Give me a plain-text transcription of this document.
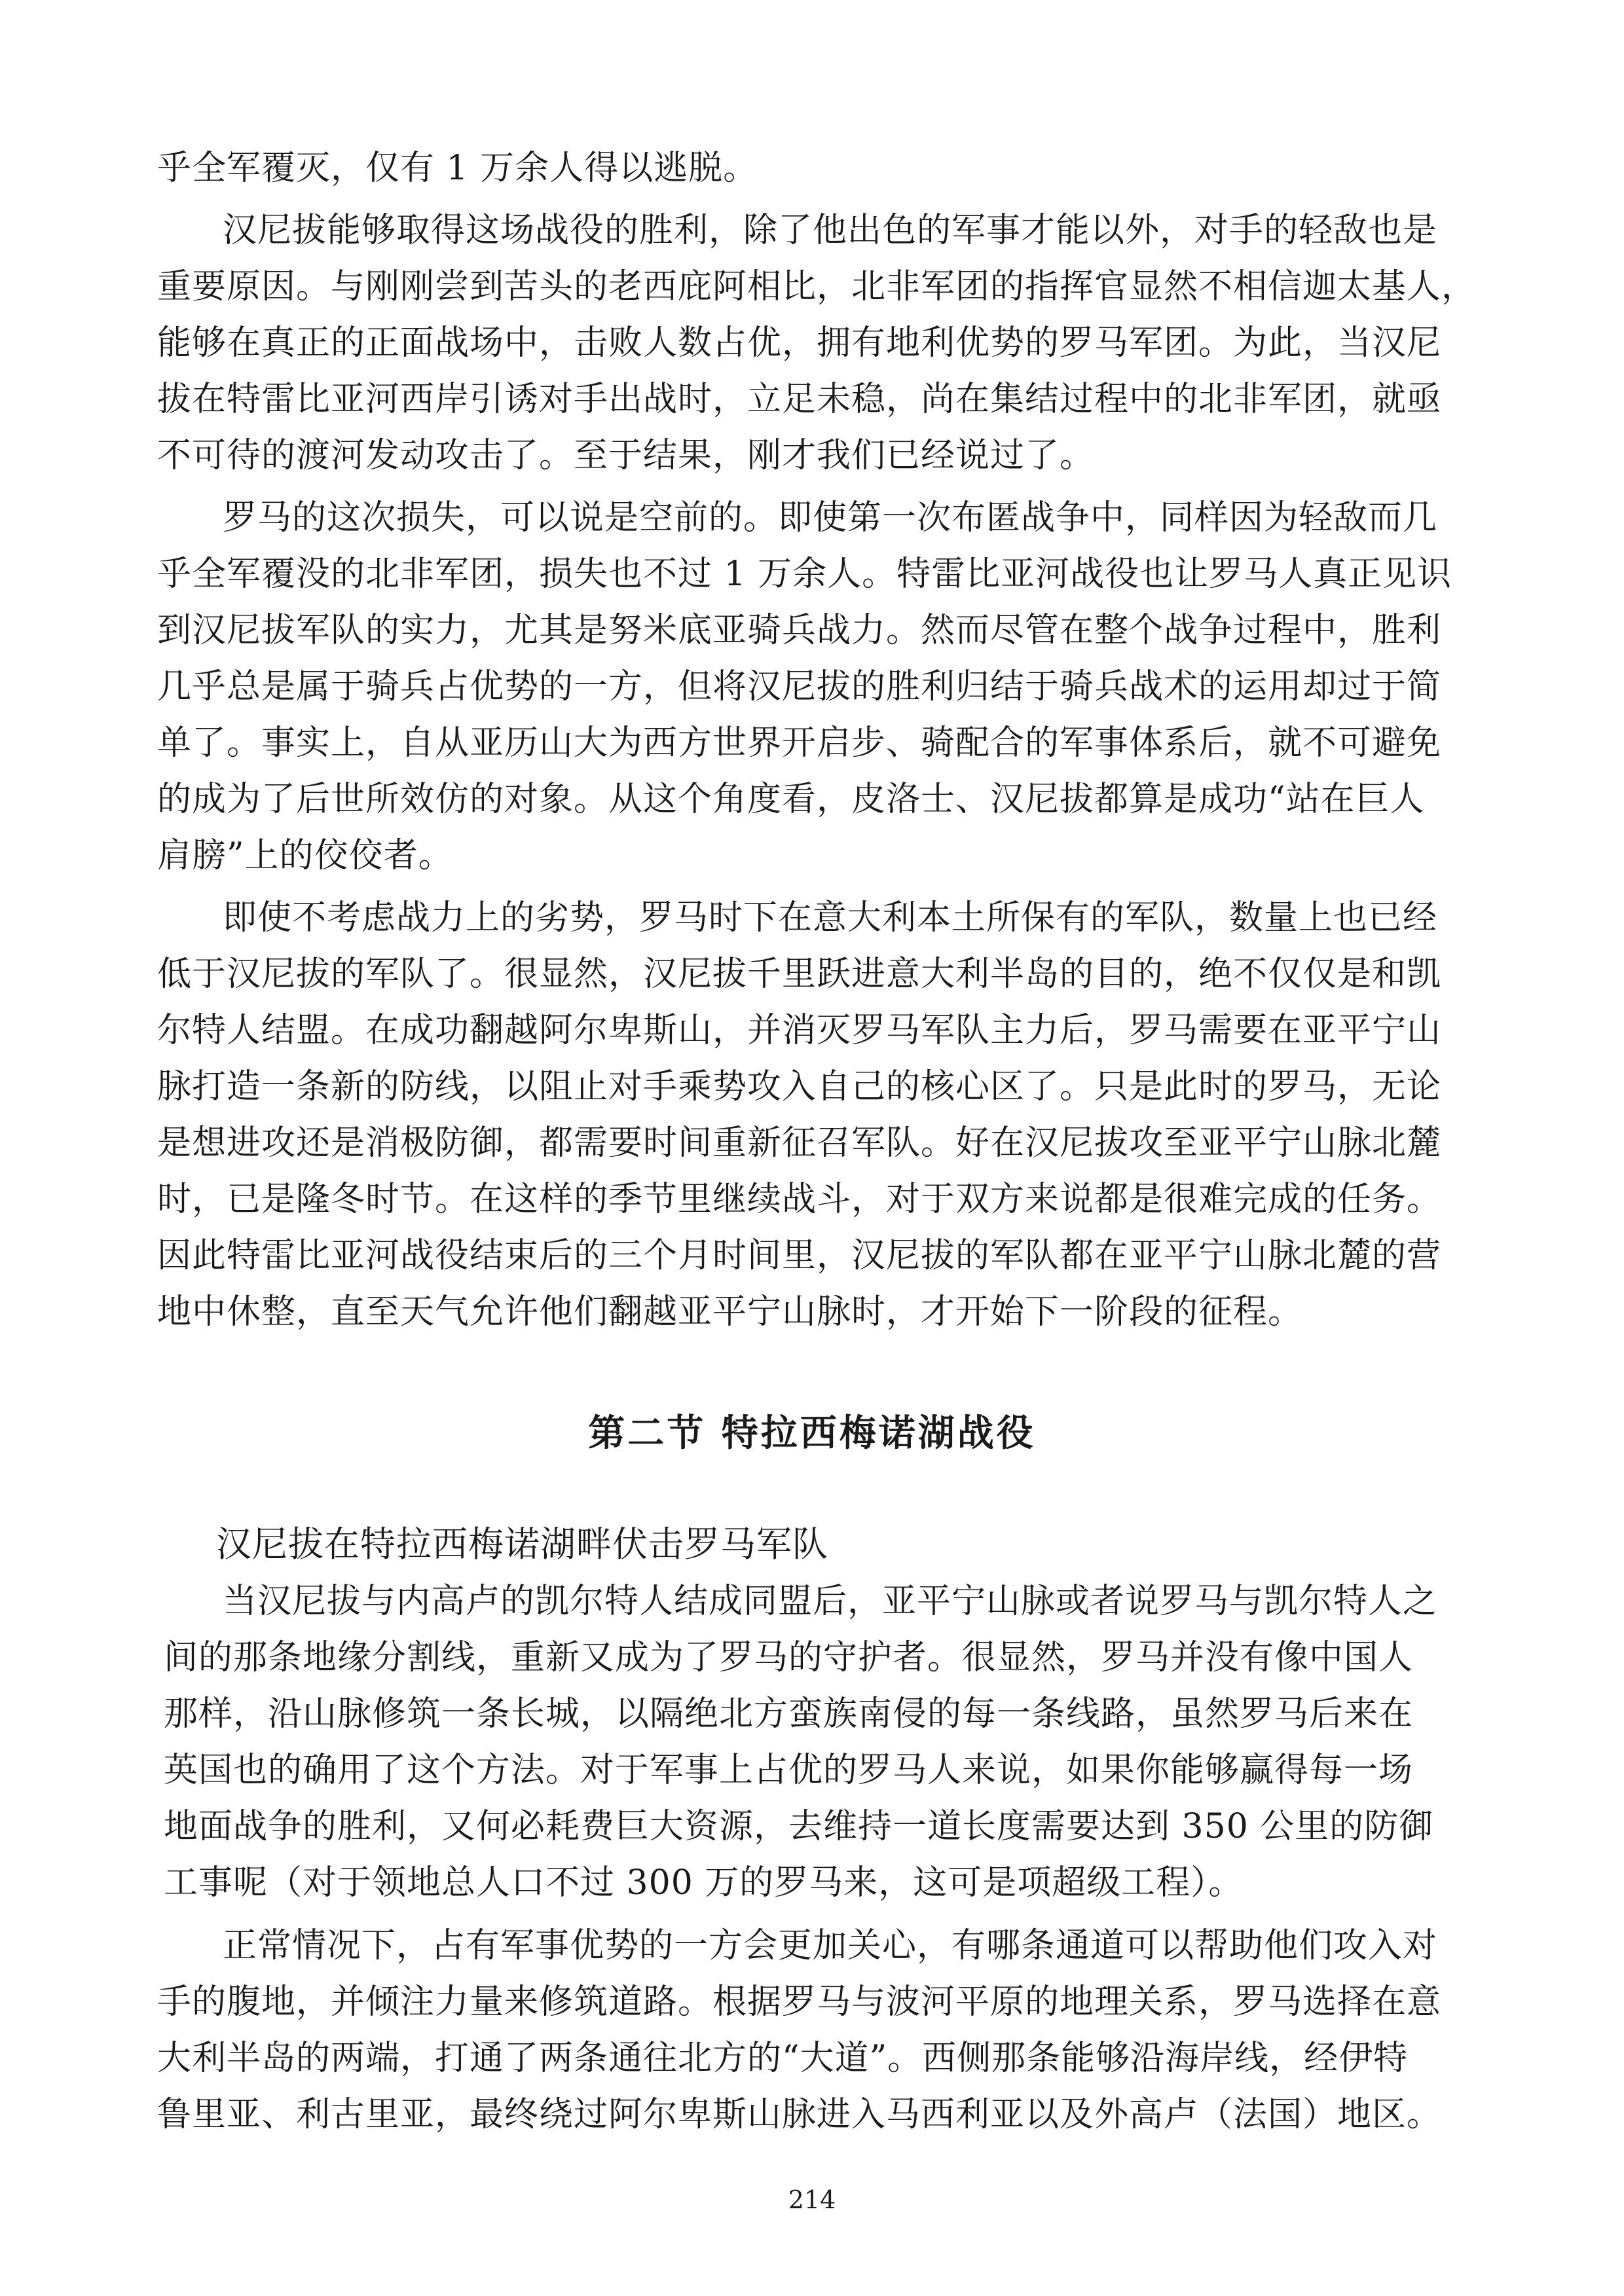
乎全军覆灭，仅有 1 万余人得以逃脱。
汉尼拔能够取得这场战役的胜利，除了他出色的军事才能以外，对手的轻敌也是
重要原因。与刚刚尝到苦头的老西庇阿相比，北非军团的指挥官显然不相信迦太基人，
能够在真正的正面战场中，击败人数占优，拥有地利优势的罗马军团。为此，当汉尼
拔在特雷比亚河西岸引诱对手出战时，立足未稳，尚在集结过程中的北非军团，就亟
不可待的渡河发动攻击了。至于结果，刚才我们已经说过了。
罗马的这次损失，可以说是空前的。即使第一次布匿战争中，同样因为轻敌而几
乎全军覆没的北非军团，损失也不过 1 万余人。特雷比亚河战役也让罗马人真正见识
到汉尼拔军队的实力，尤其是努米底亚骑兵战力。然而尽管在整个战争过程中，胜利
几乎总是属于骑兵占优势的一方，但将汉尼拔的胜利归结于骑兵战术的运用却过于简
单了。事实上，自从亚历山大为西方世界开启步、骑配合的军事体系后，就不可避免
的成为了后世所效仿的对象。从这个角度看，皮洛士、汉尼拔都算是成功“站在巨人
肩膀”上的佼佼者。
即使不考虑战力上的劣势，罗马时下在意大利本土所保有的军队，数量上也已经
低于汉尼拔的军队了。很显然，汉尼拔千里跃进意大利半岛的目的，绝不仅仅是和凯
尔特人结盟。在成功翻越阿尔卑斯山，并消灭罗马军队主力后，罗马需要在亚平宁山
脉打造一条新的防线，以阻止对手乘势攻入自己的核心区了。只是此时的罗马，无论
是想进攻还是消极防御，都需要时间重新征召军队。好在汉尼拔攻至亚平宁山脉北麓
时，已是隆冬时节。在这样的季节里继续战斗，对于双方来说都是很难完成的任务。
因此特雷比亚河战役结束后的三个月时间里，汉尼拔的军队都在亚平宁山脉北麓的营
地中休整，直至天气允许他们翻越亚平宁山脉时，才开始下一阶段的征程。
第二节 特拉西梅诺湖战役
汉尼拔在特拉西梅诺湖畔伏击罗马军队
当汉尼拔与内高卢的凯尔特人结成同盟后，亚平宁山脉或者说罗马与凯尔特人之
间的那条地缘分割线，重新又成为了罗马的守护者。很显然，罗马并没有像中国人
那样，沿山脉修筑一条长城，以隔绝北方蛮族南侵的每一条线路，虽然罗马后来在
英国也的确用了这个方法。对于军事上占优的罗马人来说，如果你能够赢得每一场
地面战争的胜利，又何必耗费巨大资源，去维持一道长度需要达到 350 公里的防御
工事呢（对于领地总人口不过 300 万的罗马来，这可是项超级工程）。
正常情况下，占有军事优势的一方会更加关心，有哪条通道可以帮助他们攻入对
手的腹地，并倾注力量来修筑道路。根据罗马与波河平原的地理关系，罗马选择在意
大利半岛的两端，打通了两条通往北方的“大道”。西侧那条能够沿海岸线，经伊特
鲁里亚、利古里亚，最终绕过阿尔卑斯山脉进入马西利亚以及外高卢（法国）地区。
214
